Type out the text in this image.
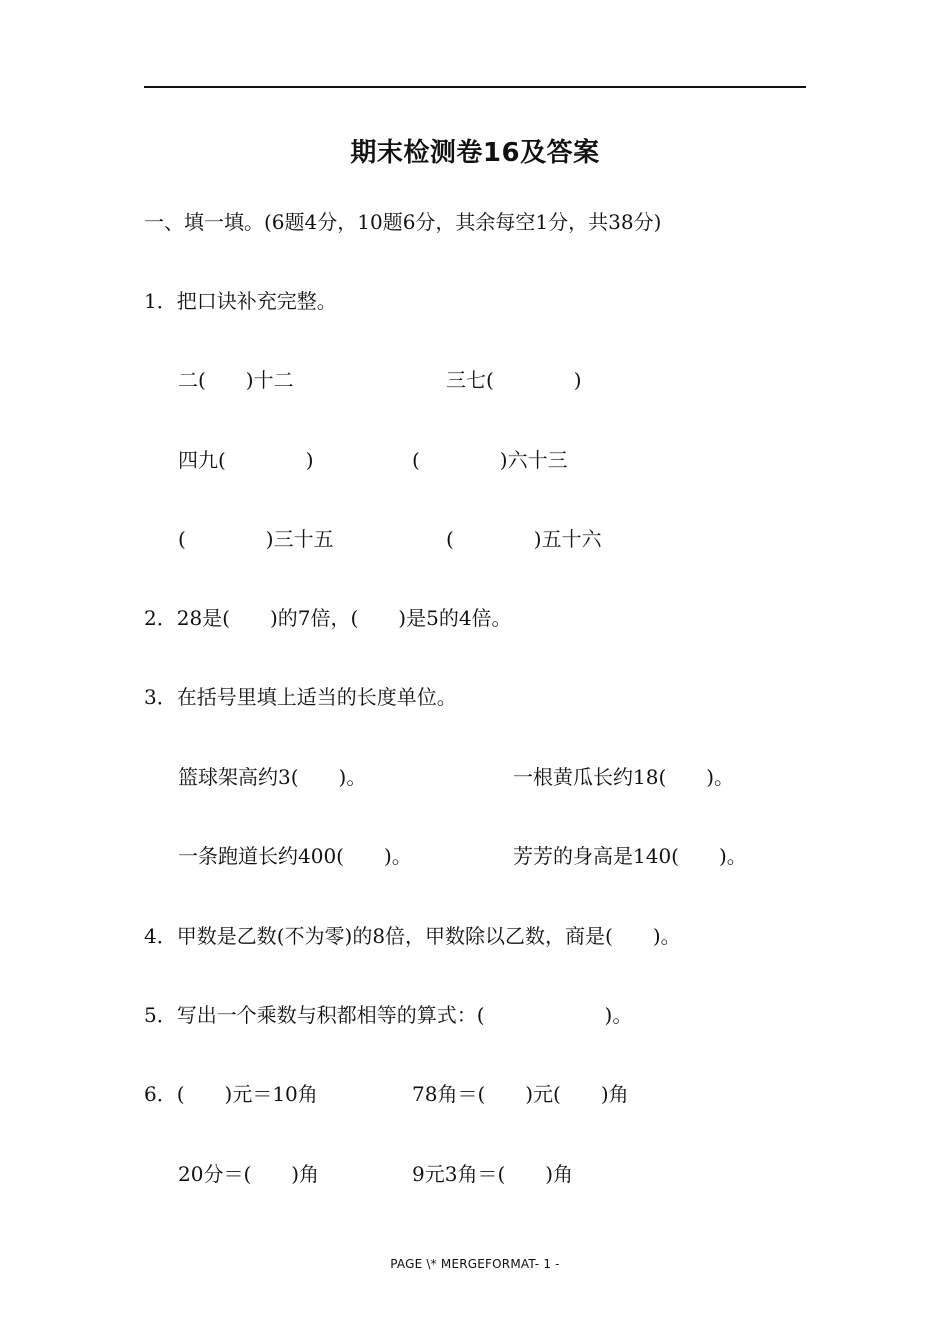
期末检测卷16及答案
一、填一填。(6题4分，10题6分，其余每空1分，共38分)
1．把口诀补充完整。
二(　　)十二	三七(　　　　)
四九(　　　　)	(　　　　)六十三
(　　　　)三十五	(　　　　)五十六
2．28是(　　)的7倍，(　　)是5的4倍。
3．在括号里填上适当的长度单位。
篮球架高约3(　　)。	一根黄瓜长约18(　　)。
一条跑道长约400(　　)。	芳芳的身高是140(　　)。
4．甲数是乙数(不为零)的8倍，甲数除以乙数，商是(　　)。
5．写出一个乘数与积都相等的算式：(　　　　　　)。
6．(　　)元＝10角	78角＝(　　)元(　　)角
20分＝(　　)角	9元3角＝(　　)角
PAGE \* MERGEFORMAT- 1 -
